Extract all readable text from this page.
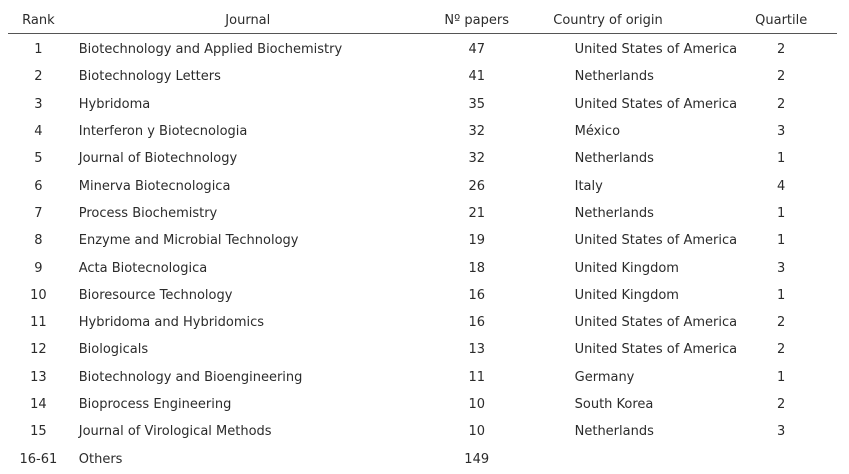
Rank	Journal	Nº papers	Country of origin	Quartile
1	Biotechnology and Applied Biochemistry	47	United States of America	2
2	Biotechnology Letters	41	Netherlands	2
3	Hybridoma	35	United States of America	2
4	Interferon y Biotecnologia	32	México	3
5	Journal of Biotechnology	32	Netherlands	1
6	Minerva Biotecnologica	26	Italy	4
7	Process Biochemistry	21	Netherlands	1
8	Enzyme and Microbial Technology	19	United States of America	1
9	Acta Biotecnologica	18	United Kingdom	3
10	Bioresource Technology	16	United Kingdom	1
11	Hybridoma and Hybridomics	16	United States of America	2
12	Biologicals	13	United States of America	2
13	Biotechnology and Bioengineering	11	Germany	1
14	Bioprocess Engineering	10	South Korea	2
15	Journal of Virological Methods	10	Netherlands	3
16-61	Others	149		
